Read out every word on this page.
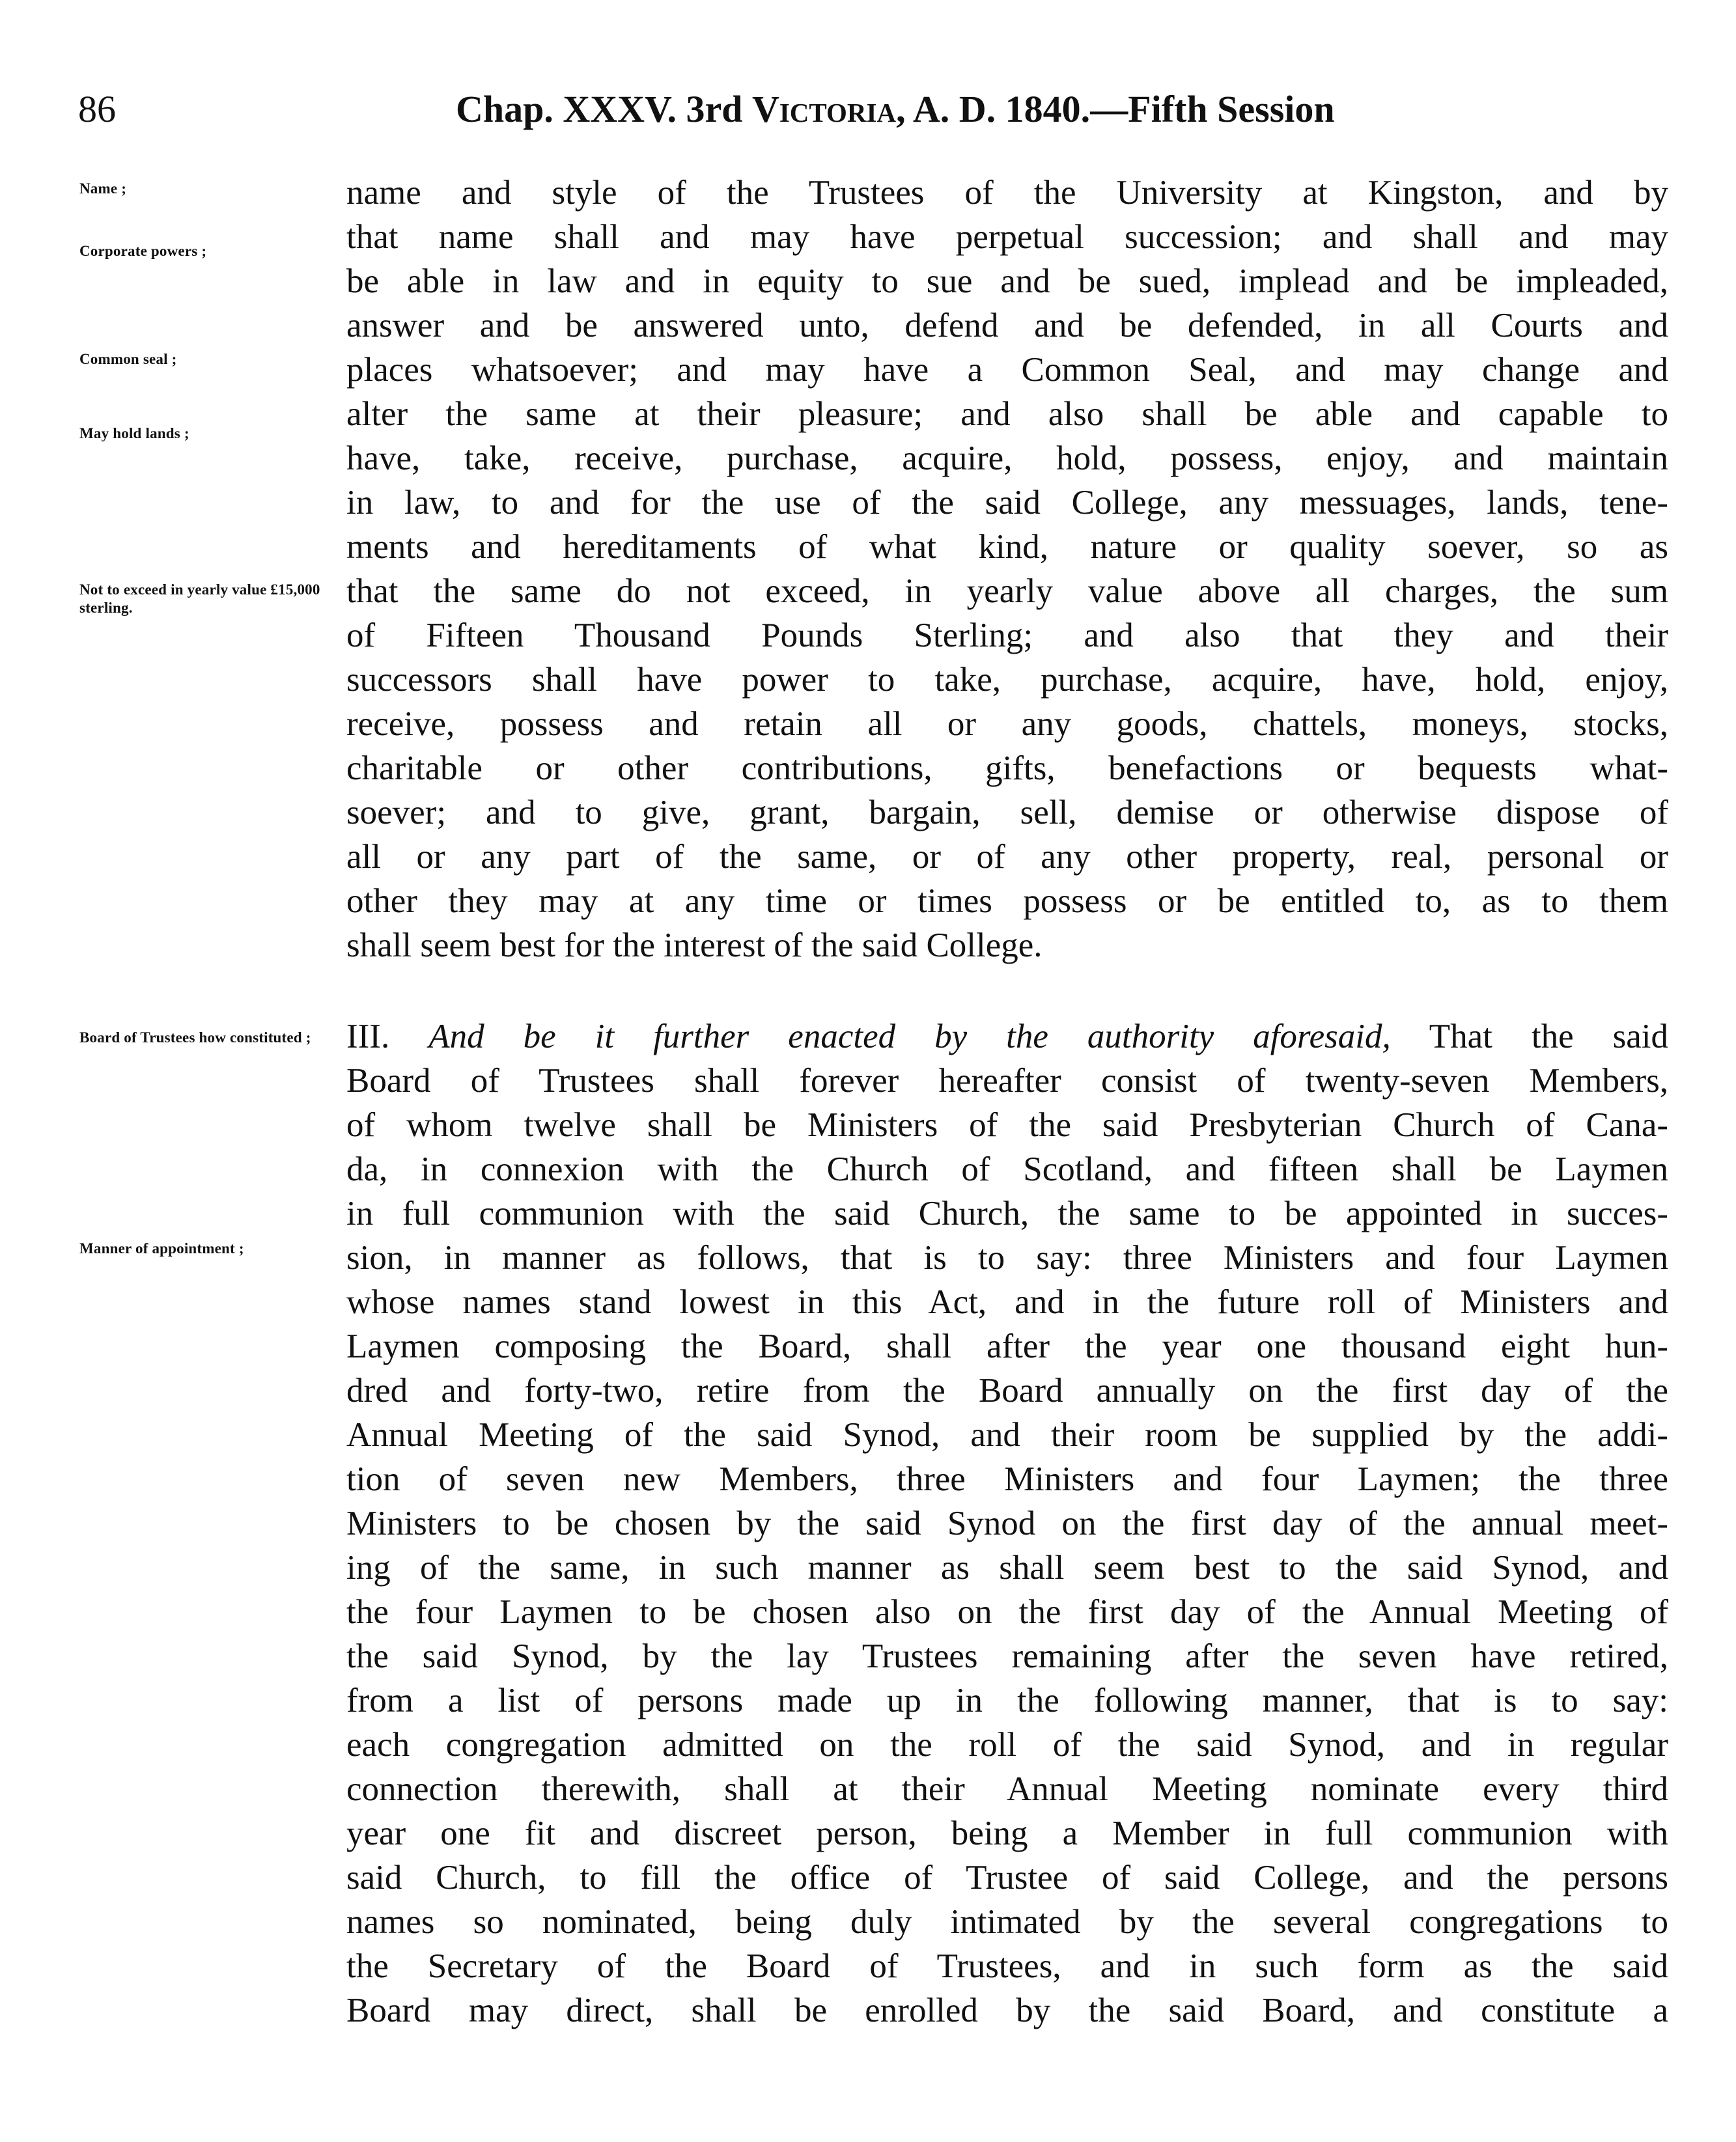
86	Chap. XXXV. 3rd Victoria, A. D. 1840.—Fifth Session
Name ;
Corporate powers ;
Common seal ;
May hold lands ;
Not to exceed in yearly value £15,000 sterling.
Board of Trustees how constituted ;
Manner of appointment ;
name and style of the Trustees of the University at Kingston, and by
that name shall and may have perpetual succession; and shall and may
be able in law and in equity to sue and be sued, implead and be impleaded,
answer and be answered unto, defend and be defended, in all Courts and
places whatsoever; and may have a Common Seal, and may change and
alter the same at their pleasure; and also shall be able and capable to
have, take, receive, purchase, acquire, hold, possess, enjoy, and maintain
in law, to and for the use of the said College, any messuages, lands, tene-
ments and hereditaments of what kind, nature or quality soever, so as
that the same do not exceed, in yearly value above all charges, the sum
of Fifteen Thousand Pounds Sterling; and also that they and their
successors shall have power to take, purchase, acquire, have, hold, enjoy,
receive, possess and retain all or any goods, chattels, moneys, stocks,
charitable or other contributions, gifts, benefactions or bequests what-
soever; and to give, grant, bargain, sell, demise or otherwise dispose of
all or any part of the same, or of any other property, real, personal or
other they may at any time or times possess or be entitled to, as to them
shall seem best for the interest of the said College.
III. And be it further enacted by the authority aforesaid, That the said
Board of Trustees shall forever hereafter consist of twenty-seven Members,
of whom twelve shall be Ministers of the said Presbyterian Church of Cana-
da, in connexion with the Church of Scotland, and fifteen shall be Laymen
in full communion with the said Church, the same to be appointed in succes-
sion, in manner as follows, that is to say: three Ministers and four Laymen
whose names stand lowest in this Act, and in the future roll of Ministers and
Laymen composing the Board, shall after the year one thousand eight hun-
dred and forty-two, retire from the Board annually on the first day of the
Annual Meeting of the said Synod, and their room be supplied by the addi-
tion of seven new Members, three Ministers and four Laymen; the three
Ministers to be chosen by the said Synod on the first day of the annual meet-
ing of the same, in such manner as shall seem best to the said Synod, and
the four Laymen to be chosen also on the first day of the Annual Meeting of
the said Synod, by the lay Trustees remaining after the seven have retired,
from a list of persons made up in the following manner, that is to say:
each congregation admitted on the roll of the said Synod, and in regular
connection therewith, shall at their Annual Meeting nominate every third
year one fit and discreet person, being a Member in full communion with
said Church, to fill the office of Trustee of said College, and the persons
names so nominated, being duly intimated by the several congregations to
the Secretary of the Board of Trustees, and in such form as the said
Board may direct, shall be enrolled by the said Board, and constitute a
